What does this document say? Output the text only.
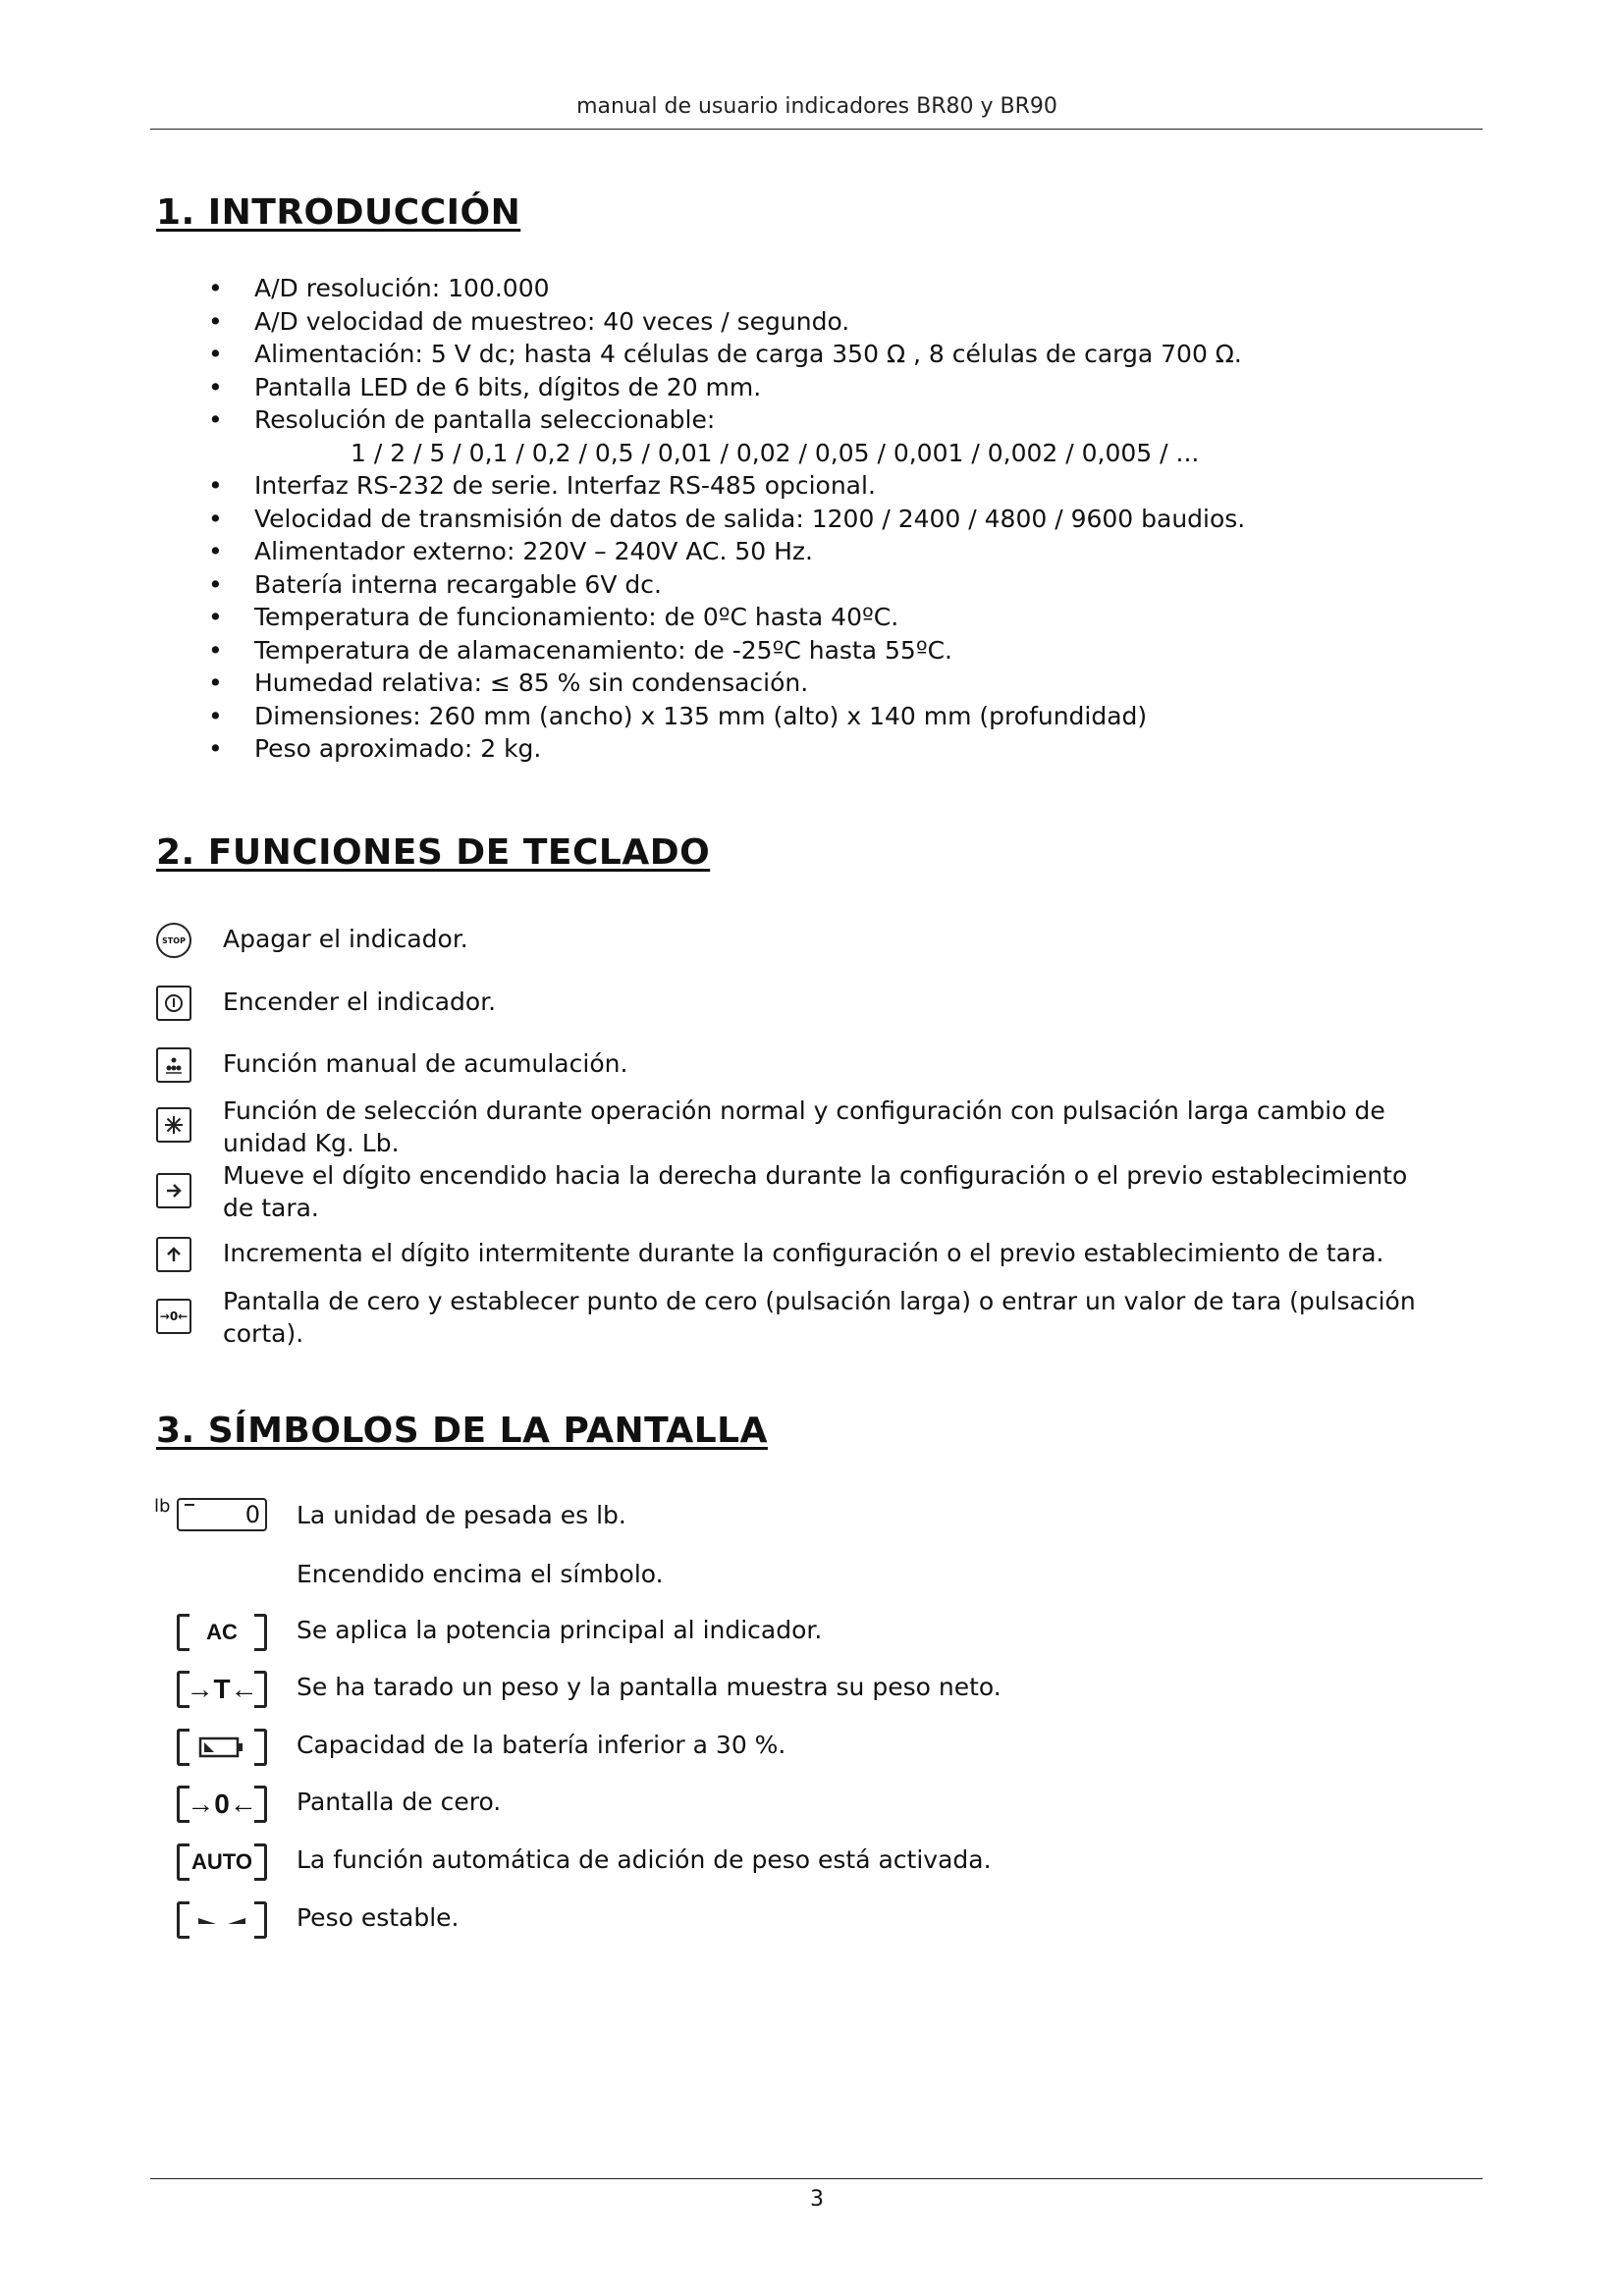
manual de usuario indicadores BR80 y BR90
1. INTRODUCCIÓN
• A/D resolución: 100.000
• A/D velocidad de muestreo: 40 veces / segundo.
• Alimentación: 5 V dc; hasta 4 células de carga 350 Ω , 8 células de carga 700 Ω.
• Pantalla LED de 6 bits, dígitos de 20 mm.
• Resolución de pantalla seleccionable:
1 / 2 / 5 / 0,1 / 0,2 / 0,5 / 0,01 / 0,02 / 0,05 / 0,001 / 0,002 / 0,005 / ...
• Interfaz RS-232 de serie. Interfaz RS-485 opcional.
• Velocidad de transmisión de datos de salida: 1200 / 2400 / 4800 / 9600 baudios.
• Alimentador externo: 220V – 240V AC. 50 Hz.
• Batería interna recargable 6V dc.
• Temperatura de funcionamiento: de 0ºC hasta 40ºC.
• Temperatura de alamacenamiento: de -25ºC hasta 55ºC.
• Humedad relativa: ≤ 85 % sin condensación.
• Dimensiones: 260 mm (ancho) x 135 mm (alto) x 140 mm (profundidad)
• Peso aproximado: 2 kg.
2. FUNCIONES DE TECLADO
STOP Apagar el indicador.
Encender el indicador.
Función manual de acumulación.
Función de selección durante operación normal y configuración con pulsación larga cambio de unidad Kg. Lb.
Mueve el dígito encendido hacia la derecha durante la configuración o el previo establecimiento de tara.
Incrementa el dígito intermitente durante la configuración o el previo establecimiento de tara.
→0←
Pantalla de cero y establecer punto de cero (pulsación larga) o entrar un valor de tara (pulsación corta).
3. SÍMBOLOS DE LA PANTALLA
lb	0 La unidad de pesada es lb.
Encendido encima el símbolo.
AC	Se aplica la potencia principal al indicador.
→T← Se ha tarado un peso y la pantalla muestra su peso neto.
Capacidad de la batería inferior a 30 %.
→0← Pantalla de cero.
AUTO La función automática de adición de peso está activada.
Peso estable.
3
